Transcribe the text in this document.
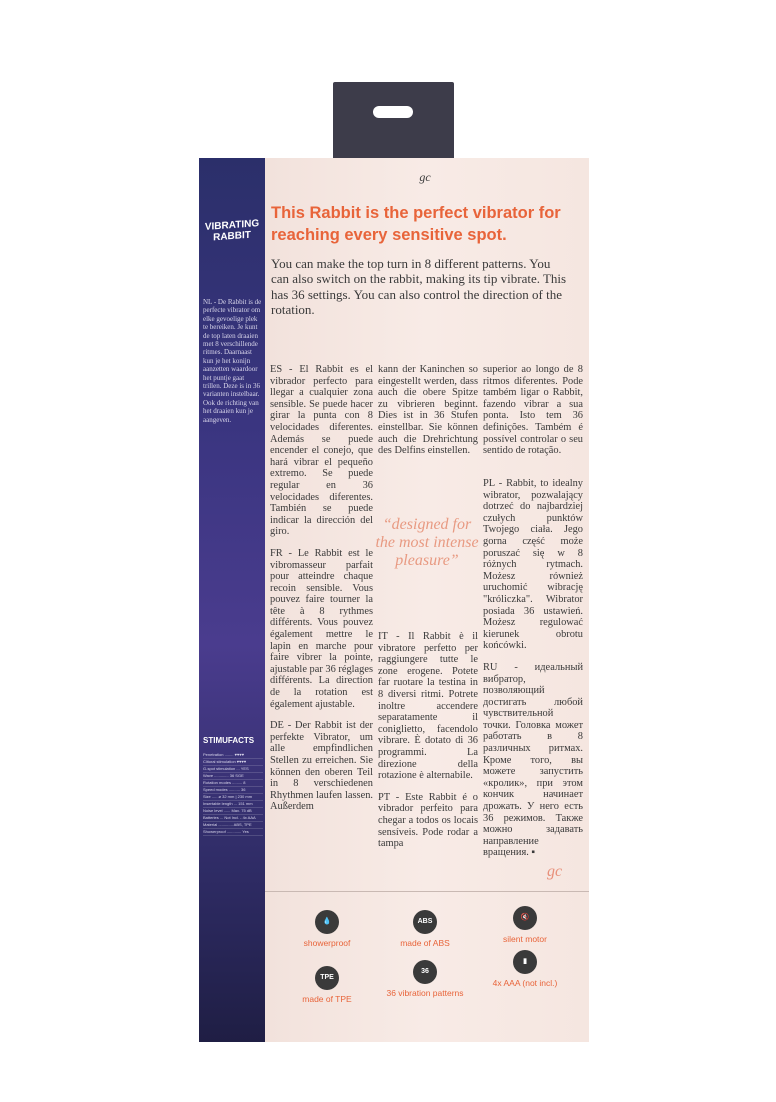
VIBRATING RABBIT
NL - De Rabbit is de perfecte vibrator om elke gevoelige plek te bereiken. Je kunt de top laten draaien met 8 verschillende ritmes. Daarnaast kun je het konijn aanzetten waardoor het puntje gaat trillen. Deze is in 36 varianten instelbaar. Ook de richting van het draaien kun je aangeven.
STIMUFACTS
Penetration ........ ♥♥♥♥
Clitoral stimulation ♥♥♥♥
G-spot stimulation ... YES
Wave ............. 36 SGE
Rotation modes ......... 8
Speed modes .......... 36
Size ..... ø 32 mm | 230 mm
Insertable length ... 151 mm
Noise level ...... Max. 75 dB
Batteries ... Not Incl. - 4x AAA
Material ............. ABS, TPE
Showerproof ............. Yes
gc
This Rabbit is the perfect vibrator for reaching every sensitive spot.
You can make the top turn in 8 different patterns. You can also switch on the rabbit, making its tip vibrate. This has 36 settings. You can also control the direction of the rotation.

ES - El Rabbit es el vibrador perfecto para llegar a cualquier zona sensible. Se puede hacer girar la punta con 8 velocidades diferentes. Además se puede encender el conejo, que hará vibrar el pequeño extremo. Se puede regular en 36 velocidades diferentes. También se puede indicar la dirección del giro.

FR - Le Rabbit est le vibromasseur parfait pour atteindre chaque recoin sensible. Vous pouvez faire tourner la tête à 8 rythmes différents. Vous pouvez également mettre le lapin en marche pour faire vibrer la pointe, ajustable par 36 réglages différents. La direction de la rotation est également ajustable.

DE - Der Rabbit ist der perfekte Vibrator, um alle empfindlichen Stellen zu erreichen. Sie können den oberen Teil in 8 verschiedenen Rhythmen laufen lassen. Außerdem

kann der Kaninchen so eingestellt werden, dass auch die obere Spitze zu vibrieren beginnt. Dies ist in 36 Stufen einstellbar. Sie können auch die Drehrichtung des Delfins einstellen.

“designed for the most intense pleasure”

IT - Il Rabbit è il vibratore perfetto per raggiungere tutte le zone erogene. Potete far ruotare la testina in 8 diversi ritmi. Potrete inoltre accendere separatamente il coniglietto, facendolo vibrare. È dotato di 36 programmi. La direzione della rotazione è alternabile.

PT - Este Rabbit é o vibrador perfeito para chegar a todos os locais sensíveis. Pode rodar a tampa

superior ao longo de 8 ritmos diferentes. Pode também ligar o Rabbit, fazendo vibrar a sua ponta. Isto tem 36 definições. Também é possível controlar o seu sentido de rotação.

PL - Rabbit, to idealny wibrator, pozwalający dotrzeć do najbardziej czułych punktów Twojego ciała. Jego gorna część może poruszać się w 8 różnych rytmach. Możesz również uruchomić wibrację "króliczka". Wibrator posiada 36 ustawień. Możesz regulować kierunek obrotu końcówki.

RU - идеальный вибратор, позволяющий достигать любой чувствительной точки. Головка может работать в 8 различных ритмах. Кроме того, вы можете запустить «кролик», при этом кончик начинает дрожать. У него есть 36 режимов. Также можно задавать направление вращения. ▪

gc
💧
showerproof
ABS
made of ABS
🔇
silent motor
TPE
made of TPE
36
36 vibration patterns
▮
4x AAA (not incl.)
